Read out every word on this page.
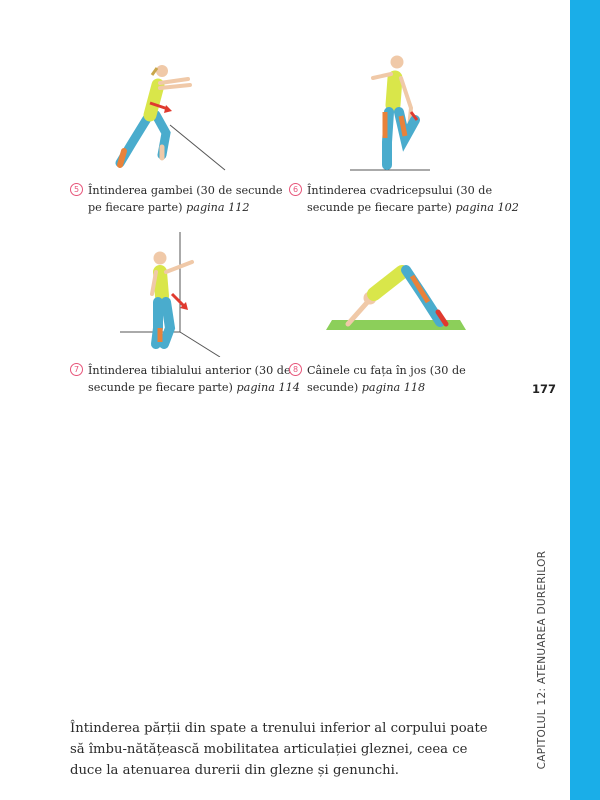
CAPITOLUL 12: ATENUAREA DURERILOR
177
5 Întinderea gambei (30 de secunde
pe fiecare parte) pagina 112
6 Întinderea cvadricepsului (30 de
secunde pe fiecare parte) pagina 102
7 Întinderea tibialului anterior (30 de
secunde pe fiecare parte) pagina 114
8 Câinele cu fața în jos (30 de
secunde) pagina 118
Întinderea părții din spate a trenului inferior al corpului poate să îmbu-nătățească mobilitatea articulației gleznei, ceea ce duce la atenuarea durerii din glezne și genunchi.
